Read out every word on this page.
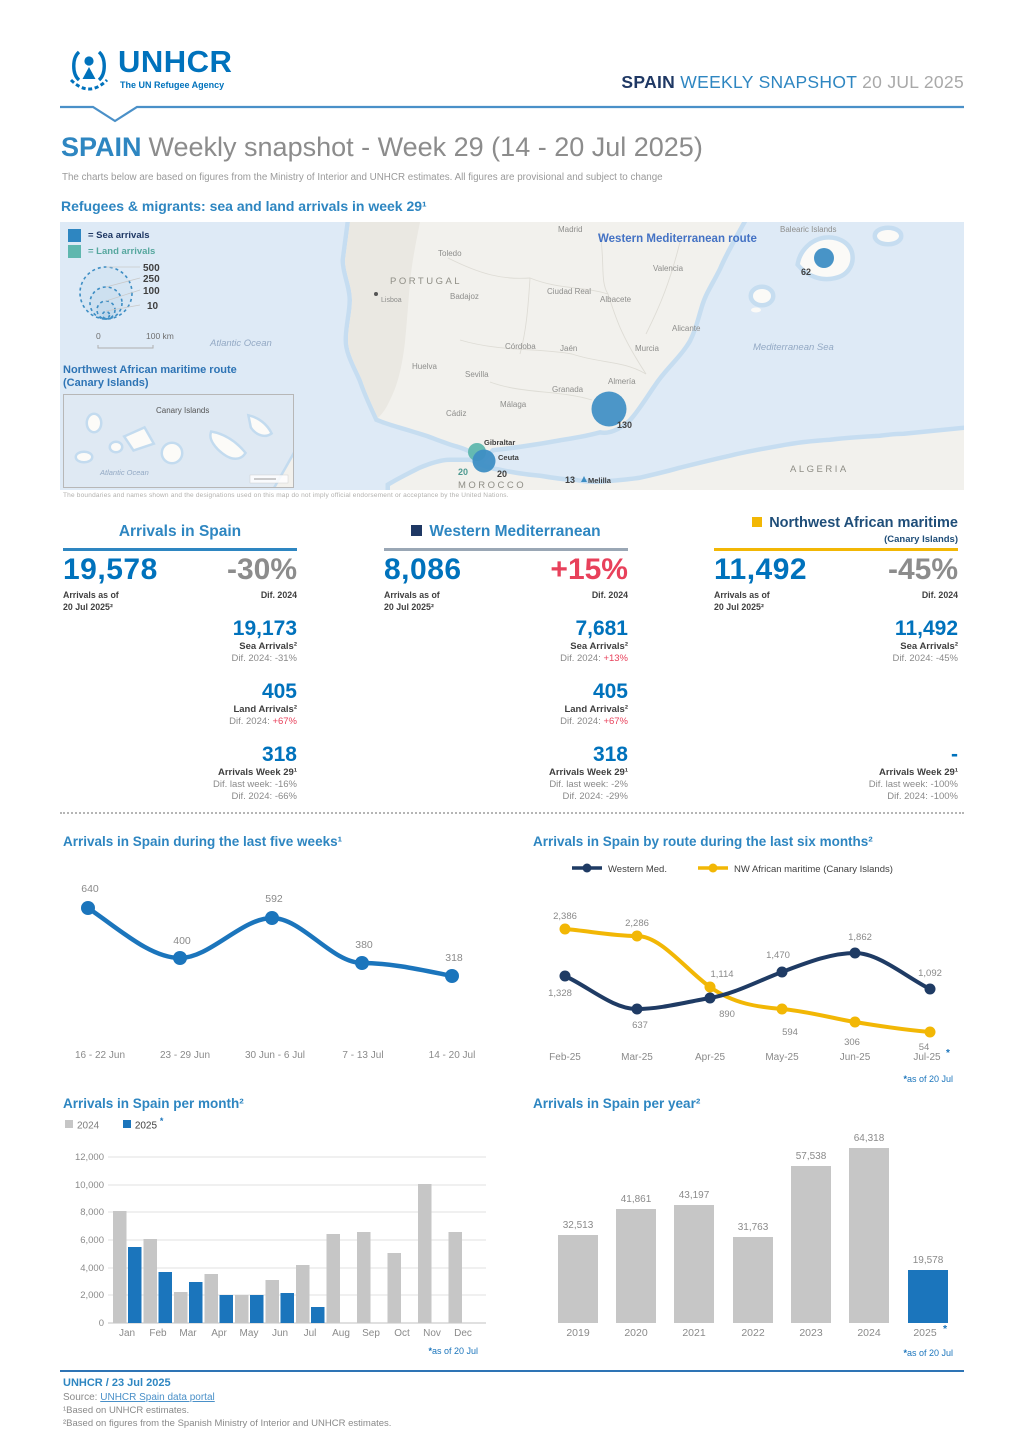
UNHCR
The UN Refugee Agency	SPAIN WEEKLY SNAPSHOT 20 JUL 2025
SPAIN Weekly snapshot - Week 29 (14 - 20 Jul 2025)
The charts below are based on figures from the Ministry of Interior and UNHCR estimates. All figures are provisional and subject to change
Refugees & migrants: sea and land arrivals in week 29¹
130
62
20	20
13
PORTUGAL
MOROCCO
ALGERIA
Atlantic Ocean	Mediterranean Sea
Balearic Islands
Western Mediterranean route
Lisboa
Madrid
Toledo
Valencia
Badajoz
Ciudad Real
Albacete
Alicante
Murcia
Córdoba	Jaén
Huelva
Sevilla
Granada
Almería
Málaga
Cádiz
Gibraltar
Ceuta
Melilla
= Sea arrivals
= Land arrivals
500
250
100
10
0	100 km
Northwest African maritime route
(Canary Islands)
Canary Islands
Atlantic Ocean
The boundaries and names shown and the designations used on this map do not imply official endorsement or acceptance by the United Nations.
Arrivals in Spain
19,578 -30%
Arrivals as of
20 Jul 2025²
Dif. 2024
19,173
Sea Arrivals²
Dif. 2024: -31%
405
Land Arrivals²
Dif. 2024: +67%
318
Arrivals Week 29¹
Dif. last week: -16%
Dif. 2024: -66%
Western Mediterranean
8,086	+15%
Arrivals as of
20 Jul 2025²
Dif. 2024
7,681
Sea Arrivals²
Dif. 2024: +13%
405
Land Arrivals²
Dif. 2024: +67%
318
Arrivals Week 29¹
Dif. last week: -2%
Dif. 2024: -29%
Northwest African maritime
(Canary Islands)
11,492	-45%
Arrivals as of
20 Jul 2025²
Dif. 2024
11,492
Sea Arrivals²
Dif. 2024: -45%
-
Arrivals Week 29¹
Dif. last week: -100%
Dif. 2024: -100%
Arrivals in Spain during the last five weeks¹
640
400
592
380
318
16 - 22 Jun	23 - 29 Jun	30 Jun - 6 Jul	7 - 13 Jul	14 - 20 Jul
Arrivals in Spain by route during the last six months²
Western Med.	NW African maritime (Canary Islands)
2,386
2,286
1,114
594
306	54
1,328
637
890
1,470
1,862
1,092
Feb-25	Mar-25	Apr-25	May-25	Jun-25	Jul-25 *
*as of 20 Jul
Arrivals in Spain per month²
2024	2025 *
12,000
10,000
8,000
6,000
4,000
2,000
0
Jan Feb Mar Apr May Jun Jul Aug Sep Oct Nov Dec
*as of 20 Jul
Arrivals in Spain per year²
32,513
41,861	43,197
31,763
57,538
64,318
19,578
2019	2020	2021	2022	2023	2024	2025 *
*as of 20 Jul
UNHCR / 23 Jul 2025
Source: UNHCR Spain data portal
¹Based on UNHCR estimates.
²Based on figures from the Spanish Ministry of Interior and UNHCR estimates.
